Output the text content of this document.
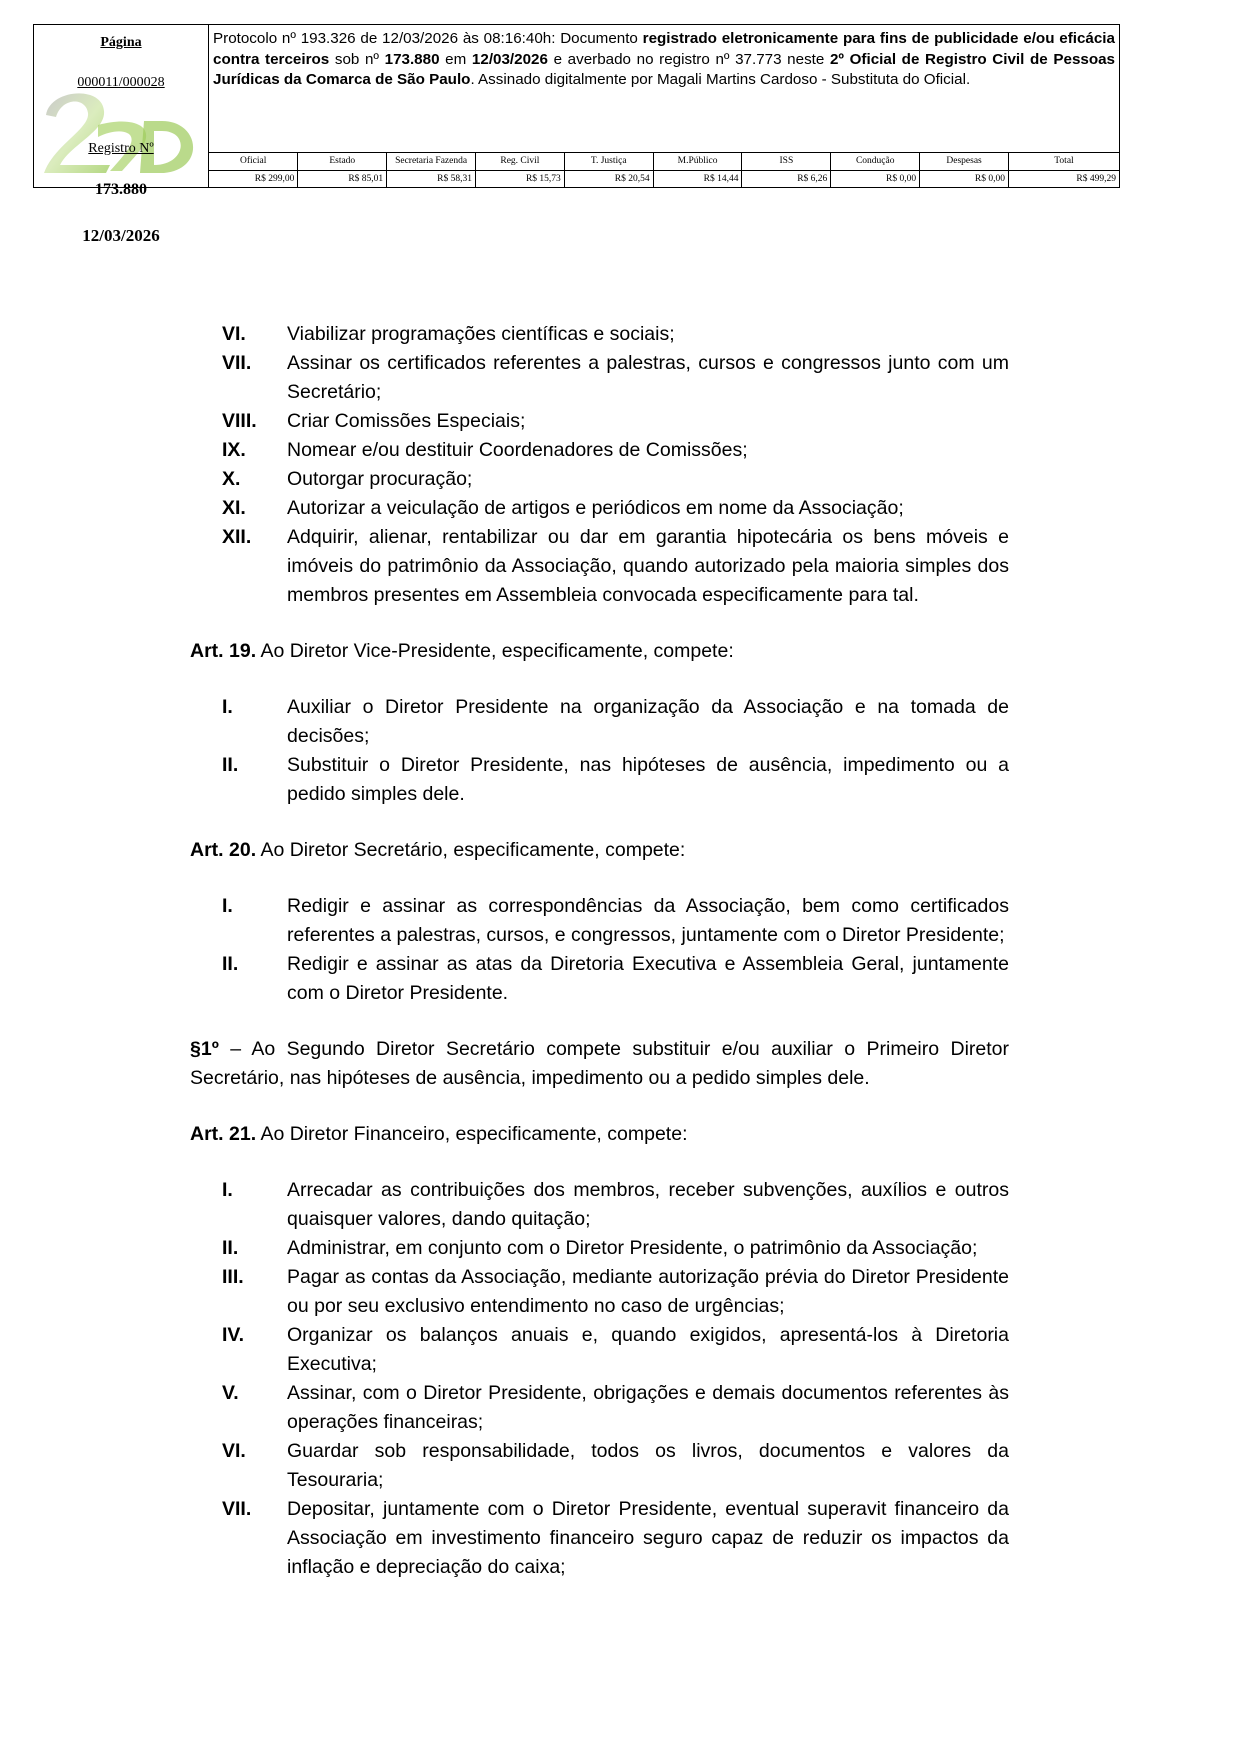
Página
000011/000028
Registro Nº
173.880
12/03/2026
Protocolo nº 193.326 de 12/03/2026 às 08:16:40h: Documento registrado eletronicamente para fins de publicidade e/ou eficácia contra terceiros sob nº 173.880 em 12/03/2026 e averbado no registro nº 37.773 neste 2º Oficial de Registro Civil de Pessoas Jurídicas da Comarca de São Paulo. Assinado digitalmente por Magali Martins Cardoso - Substituta do Oficial.
Oficial	Estado	Secretaria Fazenda	Reg. Civil	T. Justiça	M.Público	ISS	Condução	Despesas	Total
R$ 299,00	R$ 85,01	R$ 58,31	R$ 15,73	R$ 20,54	R$ 14,44	R$ 6,26	R$ 0,00	R$ 0,00	R$ 499,29
VI.	Viabilizar programações científicas e sociais;
VII.	Assinar os certificados referentes a palestras, cursos e congressos junto com um Secretário;
VIII.	Criar Comissões Especiais;
IX.	Nomear e/ou destituir Coordenadores de Comissões;
X.	Outorgar procuração;
XI.	Autorizar a veiculação de artigos e periódicos em nome da Associação;
XII.	Adquirir, alienar, rentabilizar ou dar em garantia hipotecária os bens móveis e imóveis do patrimônio da Associação, quando autorizado pela maioria simples dos membros presentes em Assembleia convocada especificamente para tal.

Art. 19. Ao Diretor Vice-Presidente, especificamente, compete:

I.	Auxiliar o Diretor Presidente na organização da Associação e na tomada de decisões;
II.	Substituir o Diretor Presidente, nas hipóteses de ausência, impedimento ou a pedido simples dele.

Art. 20. Ao Diretor Secretário, especificamente, compete:

I.	Redigir e assinar as correspondências da Associação, bem como certificados referentes a palestras, cursos, e congressos, juntamente com o Diretor Presidente;
II.	Redigir e assinar as atas da Diretoria Executiva e Assembleia Geral, juntamente com o Diretor Presidente.

§1º – Ao Segundo Diretor Secretário compete substituir e/ou auxiliar o Primeiro Diretor Secretário, nas hipóteses de ausência, impedimento ou a pedido simples dele.

Art. 21. Ao Diretor Financeiro, especificamente, compete:

I.	Arrecadar as contribuições dos membros, receber subvenções, auxílios e outros quaisquer valores, dando quitação;
II.	Administrar, em conjunto com o Diretor Presidente, o patrimônio da Associação;
III.	Pagar as contas da Associação, mediante autorização prévia do Diretor Presidente ou por seu exclusivo entendimento no caso de urgências;
IV.	Organizar os balanços anuais e, quando exigidos, apresentá-los à Diretoria Executiva;
V.	Assinar, com o Diretor Presidente, obrigações e demais documentos referentes às operações financeiras;
VI.	Guardar sob responsabilidade, todos os livros, documentos e valores da Tesouraria;
VII.	Depositar, juntamente com o Diretor Presidente, eventual superavit financeiro da Associação em investimento financeiro seguro capaz de reduzir os impactos da inflação e depreciação do caixa;
